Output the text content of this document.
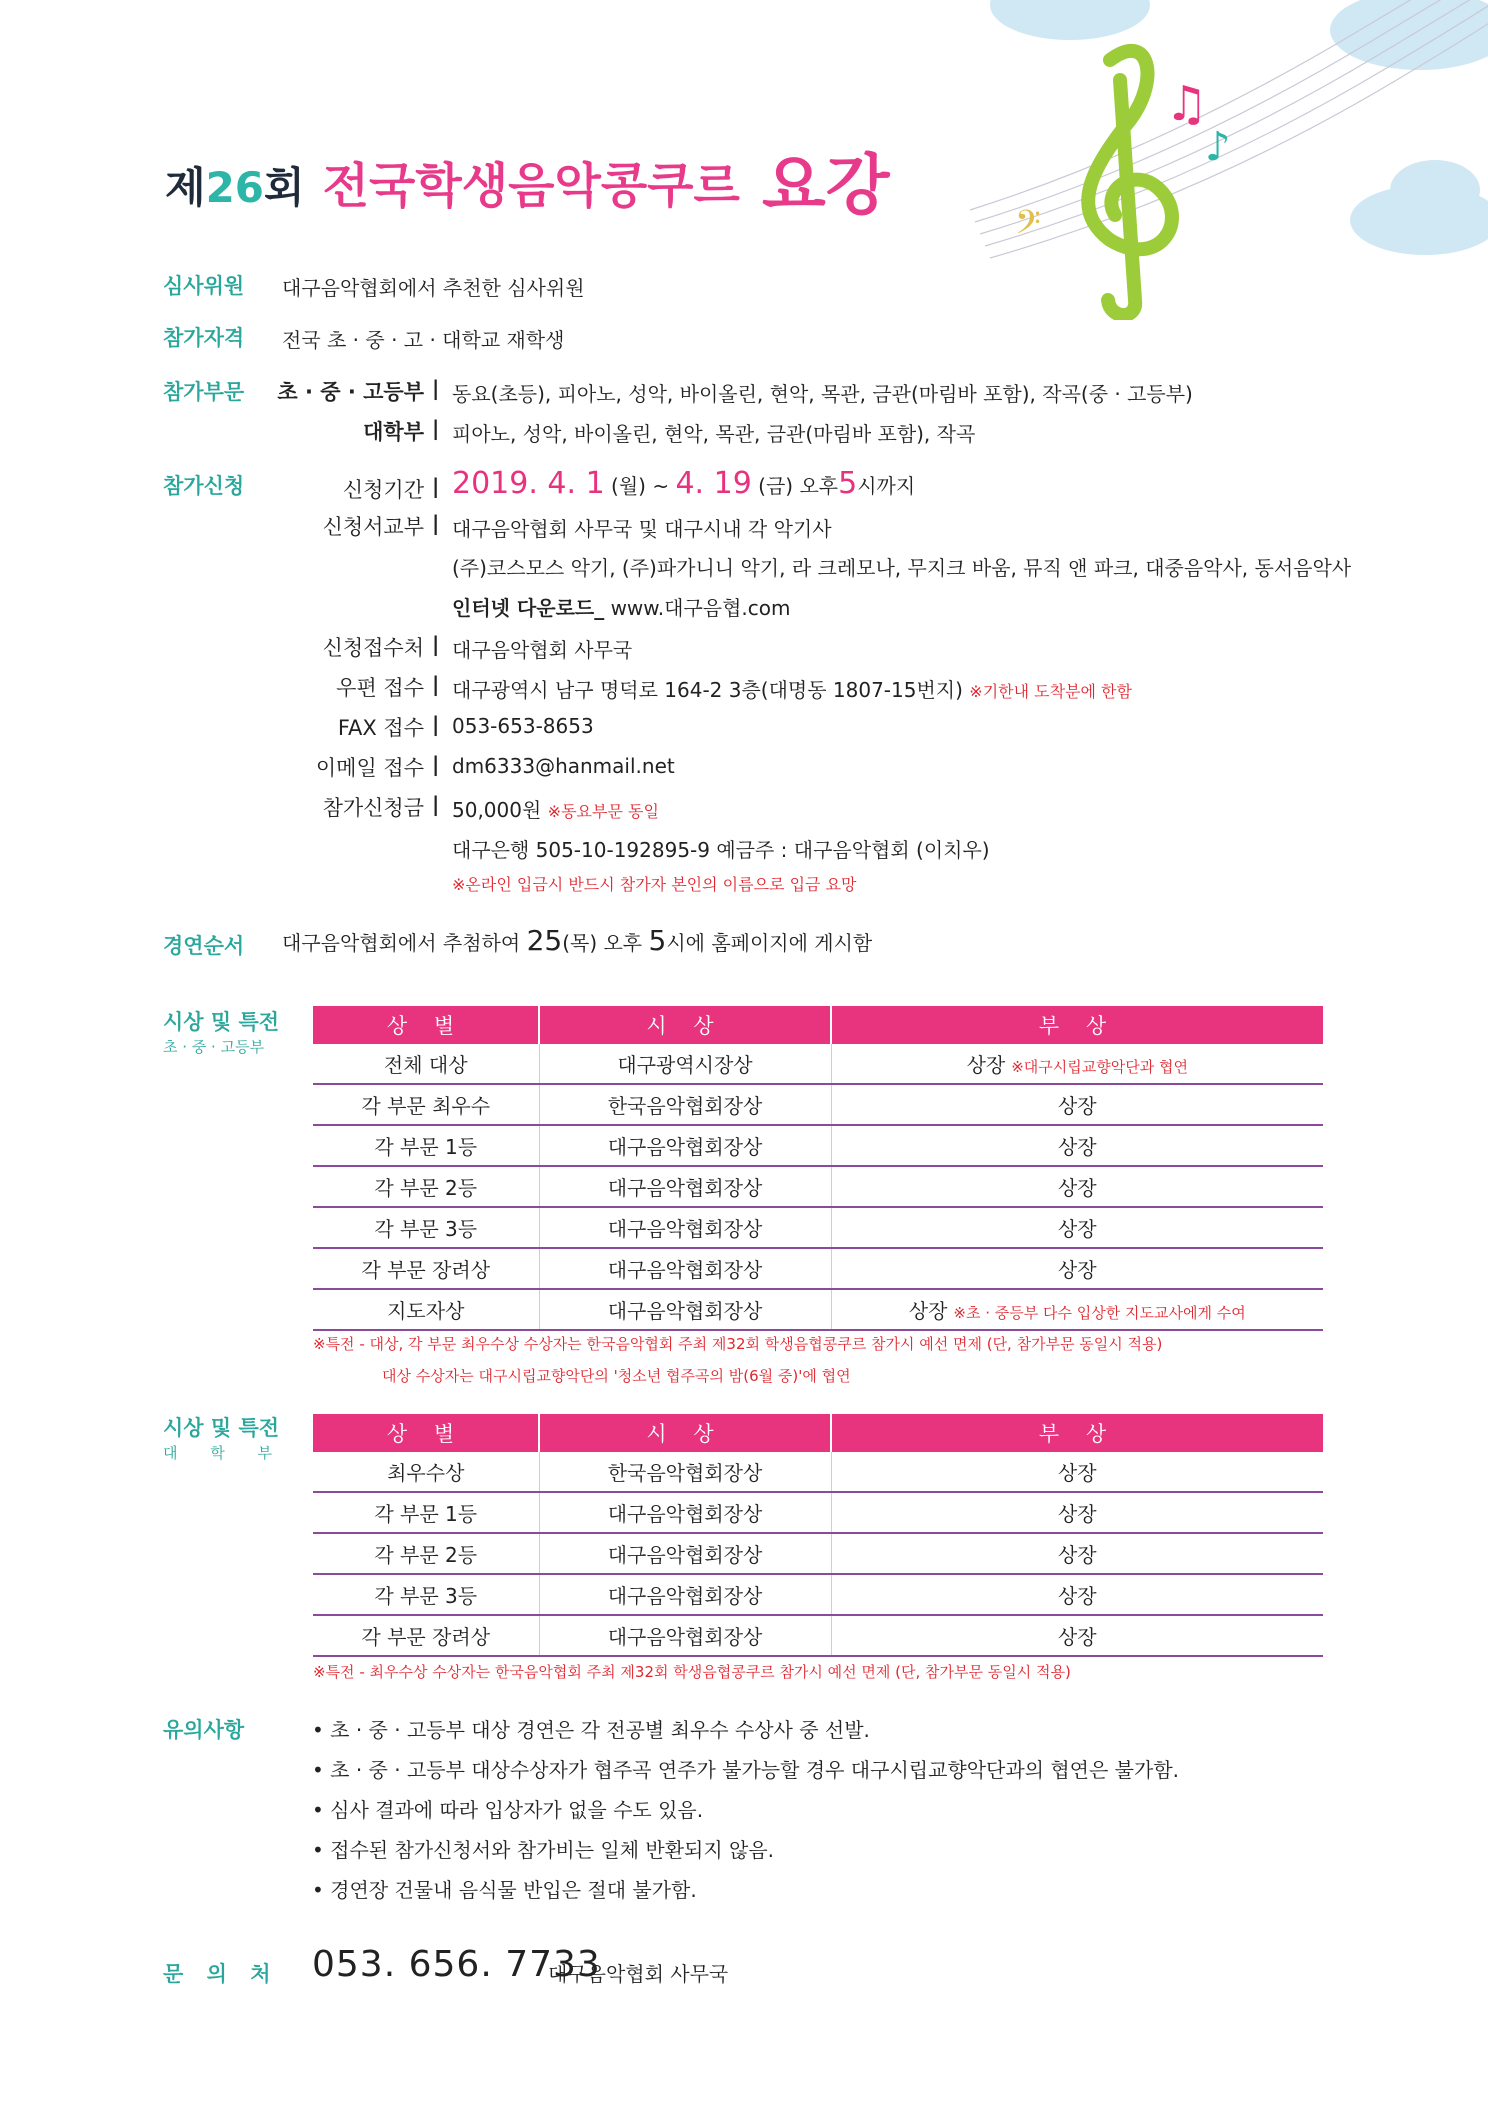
♫
♪
𝄢
제26회 전국학생음악콩쿠르 요강
심사위원 대구음악협회에서 추천한 심사위원
참가자격 전국 초 · 중 · 고 · 대학교 재학생
참가부문 초 · 중 · 고등부 | 동요(초등), 피아노, 성악, 바이올린, 현악, 목관, 금관(마림바 포함), 작곡(중 · 고등부)
대학부 | 피아노, 성악, 바이올린, 현악, 목관, 금관(마림바 포함), 작곡
참가신청	신청기간 | 2019. 4. 1 (월) ~ 4. 19 (금) 오후5시까지
신청서교부 | 대구음악협회 사무국 및 대구시내 각 악기사
(주)코스모스 악기, (주)파가니니 악기, 라 크레모나, 무지크 바움, 뮤직 앤 파크, 대중음악사, 동서음악사
인터넷 다운로드_ www.대구음협.com
신청접수처 | 대구음악협회 사무국
우편 접수 | 대구광역시 남구 명덕로 164-2 3층(대명동 1807-15번지) ※기한내 도착분에 한함
FAX 접수 | 053-653-8653
이메일 접수 | dm6333@hanmail.net
참가신청금 | 50,000원 ※동요부문 동일
대구은행 505-10-192895-9 예금주 : 대구음악협회 (이치우)
※온라인 입금시 반드시 참가자 본인의 이름으로 입금 요망
경연순서 대구음악협회에서 추첨하여 25(목) 오후 5시에 홈페이지에 게시함
시상 및 특전
초 · 중 · 고등부
상 별	시 상	부 상
전체 대상	대구광역시장상	상장 ※대구시립교향악단과 협연
각 부문 최우수	한국음악협회장상	상장
각 부문 1등	대구음악협회장상	상장
각 부문 2등	대구음악협회장상	상장
각 부문 3등	대구음악협회장상	상장
각 부문 장려상	대구음악협회장상	상장
지도자상	대구음악협회장상	상장 ※초 · 중등부 다수 입상한 지도교사에게 수여
※특전 - 대상, 각 부문 최우수상 수상자는 한국음악협회 주최 제32회 학생음협콩쿠르 참가시 예선 면제 (단, 참가부문 동일시 적용)
대상 수상자는 대구시립교향악단의 '청소년 협주곡의 밤(6월 중)'에 협연
시상 및 특전
대 학 부
상 별	시 상	부 상
최우수상	한국음악협회장상	상장
각 부문 1등	대구음악협회장상	상장
각 부문 2등	대구음악협회장상	상장
각 부문 3등	대구음악협회장상	상장
각 부문 장려상	대구음악협회장상	상장
※특전 - 최우수상 수상자는 한국음악협회 주최 제32회 학생음협콩쿠르 참가시 예선 면제 (단, 참가부문 동일시 적용)
유의사항	• 초 · 중 · 고등부 대상 경연은 각 전공별 최우수 수상사 중 선발.
• 초 · 중 · 고등부 대상수상자가 협주곡 연주가 불가능할 경우 대구시립교향악단과의 협연은 불가함.
• 심사 결과에 따라 입상자가 없을 수도 있음.
• 접수된 참가신청서와 참가비는 일체 반환되지 않음.
• 경연장 건물내 음식물 반입은 절대 불가함.
문 의 처 053. 656. 7733
대구음악협회 사무국
